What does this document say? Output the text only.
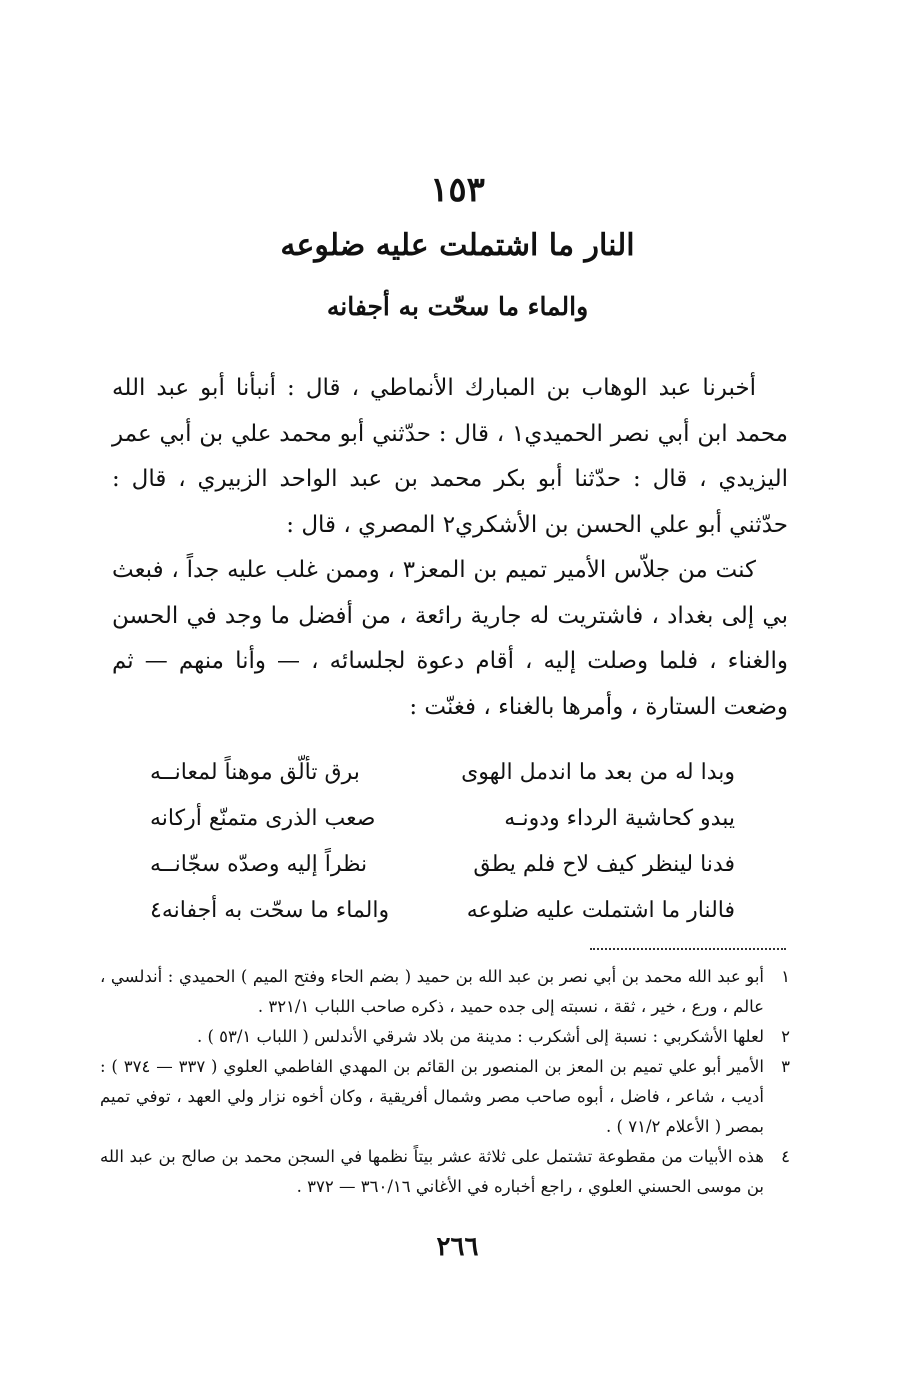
١٥٣
النار ما اشتملت عليه ضلوعه
والماء ما سحّت به أجفانه

أخبرنا عبد الوهاب بن المبارك الأنماطي ، قال : أنبأنا أبو عبد الله محمد ابن أبي نصر الحميدي١ ، قال : حدّثني أبو محمد علي بن أبي عمر اليزيدي ، قال : حدّثنا أبو بكر محمد بن عبد الواحد الزبيري ، قال : حدّثني أبو علي الحسن بن الأشكري٢ المصري ، قال :

كنت من جلاّس الأمير تميم بن المعز٣ ، وممن غلب عليه جداً ، فبعث بي إلى بغداد ، فاشتريت له جارية رائعة ، من أفضل ما وجد في الحسن والغناء ، فلما وصلت إليه ، أقام دعوة لجلسائه ، — وأنا منهم — ثم وضعت الستارة ، وأمرها بالغناء ، فغنّت :

وبدا له من بعد ما اندمل الهوى
برق تألّق موهناً لمعانــه
يبدو كحاشية الرداء ودونـه
صعب الذرى متمنّع أركانه
فدنا لينظر كيف لاح فلم يطق
نظراً إليه وصدّه سجّانــه
فالنار ما اشتملت عليه ضلوعه
والماء ما سحّت به أجفانه٤
١
أبو عبد الله محمد بن أبي نصر بن عبد الله بن حميد ( بضم الحاء وفتح الميم ) الحميدي : أندلسي ، عالم ، ورع ، خير ، ثقة ، نسبته إلى جده حميد ، ذكره صاحب اللباب ٣٢١/١ .
٢
لعلها الأشكربي : نسبة إلى أشكرب : مدينة من بلاد شرقي الأندلس ( اللباب ٥٣/١ ) .
٣
الأمير أبو علي تميم بن المعز بن المنصور بن القائم بن المهدي الفاطمي العلوي ( ٣٣٧ — ٣٧٤ ) : أديب ، شاعر ، فاضل ، أبوه صاحب مصر وشمال أفريقية ، وكان أخوه نزار ولي العهد ، توفي تميم بمصر ( الأعلام ٧١/٢ ) .
٤
هذه الأبيات من مقطوعة تشتمل على ثلاثة عشر بيتاً نظمها في السجن محمد بن صالح بن عبد الله بن موسى الحسني العلوي ، راجع أخباره في الأغاني ٣٦٠/١٦ — ٣٧٢ .
٢٦٦
